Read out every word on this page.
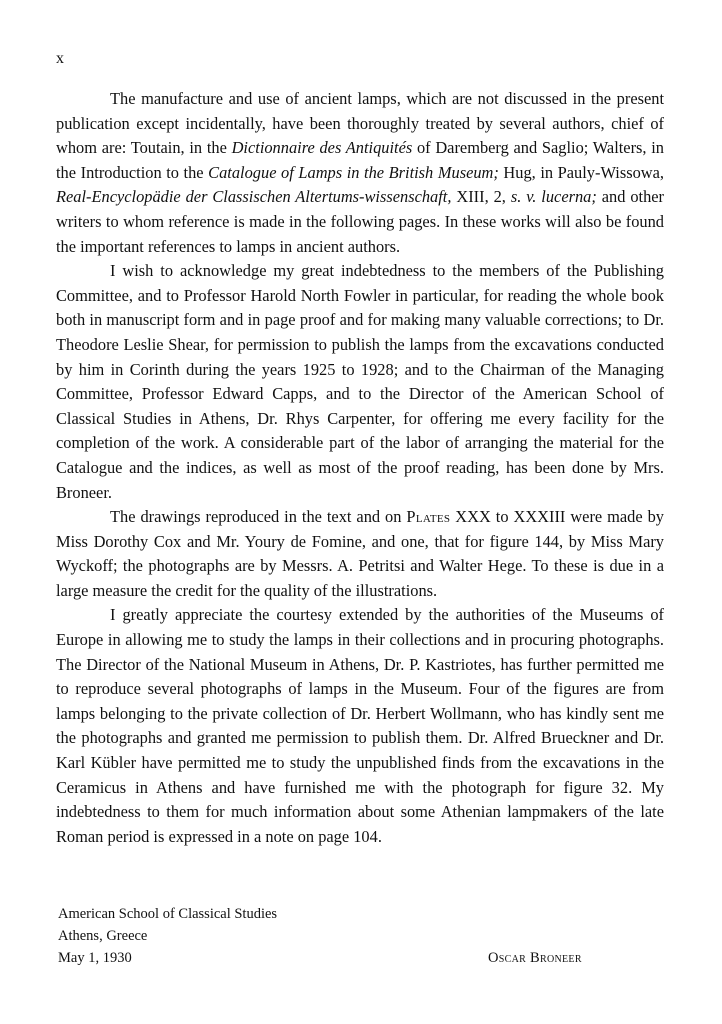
x

The manufacture and use of ancient lamps, which are not discussed in the present publication except incidentally, have been thoroughly treated by several authors, chief of whom are: Toutain, in the Dictionnaire des Antiquités of Daremberg and Saglio; Walters, in the Introduction to the Catalogue of Lamps in the British Museum; Hug, in Pauly-Wissowa, Real-Encyclopädie der Classischen Altertums-wissenschaft, XIII, 2, s. v. lucerna; and other writers to whom reference is made in the following pages. In these works will also be found the important references to lamps in ancient authors.

I wish to acknowledge my great indebtedness to the members of the Publishing Committee, and to Professor Harold North Fowler in particular, for reading the whole book both in manuscript form and in page proof and for making many valuable corrections; to Dr. Theodore Leslie Shear, for permission to publish the lamps from the excavations conducted by him in Corinth during the years 1925 to 1928; and to the Chairman of the Managing Committee, Professor Edward Capps, and to the Director of the American School of Classical Studies in Athens, Dr. Rhys Carpenter, for offering me every facility for the completion of the work. A considerable part of the labor of arranging the material for the Catalogue and the indices, as well as most of the proof reading, has been done by Mrs. Broneer.

The drawings reproduced in the text and on Plates XXX to XXXIII were made by Miss Dorothy Cox and Mr. Youry de Fomine, and one, that for figure 144, by Miss Mary Wyckoff; the photographs are by Messrs. A. Petritsi and Walter Hege. To these is due in a large measure the credit for the quality of the illustrations.

I greatly appreciate the courtesy extended by the authorities of the Museums of Europe in allowing me to study the lamps in their collections and in procuring photographs. The Director of the National Museum in Athens, Dr. P. Kastriotes, has further permitted me to reproduce several photographs of lamps in the Museum. Four of the figures are from lamps belonging to the private collection of Dr. Herbert Wollmann, who has kindly sent me the photographs and granted me permission to publish them. Dr. Alfred Brueckner and Dr. Karl Kübler have permitted me to study the unpublished finds from the excavations in the Ceramicus in Athens and have furnished me with the photograph for figure 32. My indebtedness to them for much information about some Athenian lampmakers of the late Roman period is expressed in a note on page 104.

American School of Classical Studies
Athens, Greece
May 1, 1930	Oscar Broneer
